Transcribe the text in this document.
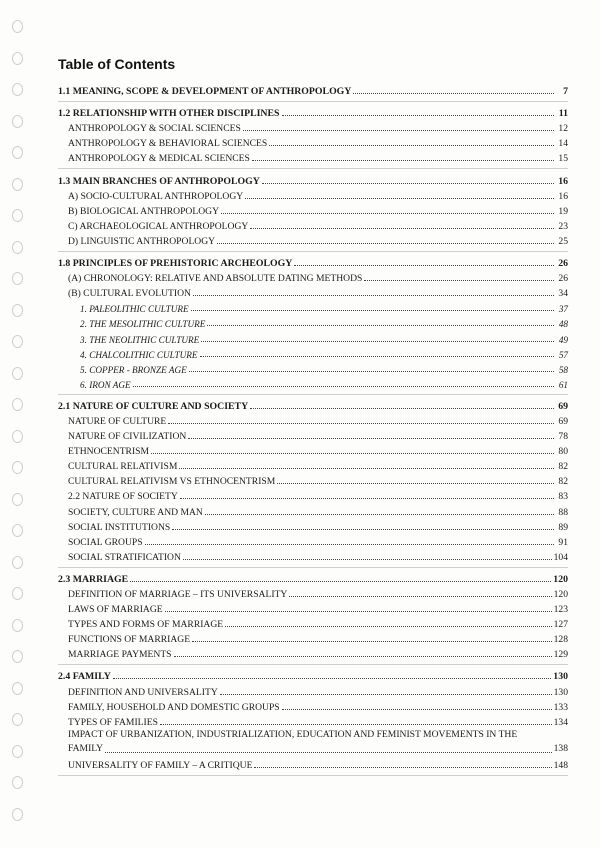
Table of Contents
1.1 MEANING, SCOPE & DEVELOPMENT OF ANTHROPOLOGY	7
1.2 RELATIONSHIP WITH OTHER DISCIPLINES	11
ANTHROPOLOGY & SOCIAL SCIENCES	12
ANTHROPOLOGY & BEHAVIORAL SCIENCES	14
ANTHROPOLOGY & MEDICAL SCIENCES	15
1.3 MAIN BRANCHES OF ANTHROPOLOGY	16
A) SOCIO-CULTURAL ANTHROPOLOGY	16
B) BIOLOGICAL ANTHROPOLOGY	19
C) ARCHAEOLOGICAL ANTHROPOLOGY	23
D) LINGUISTIC ANTHROPOLOGY	25
1.8 PRINCIPLES OF PREHISTORIC ARCHEOLOGY	26
(A) CHRONOLOGY: RELATIVE AND ABSOLUTE DATING METHODS	26
(B) CULTURAL EVOLUTION	34
1. PALEOLITHIC CULTURE	37
2. THE MESOLITHIC CULTURE	48
3. THE NEOLITHIC CULTURE	49
4. CHALCOLITHIC CULTURE	57
5. COPPER - BRONZE AGE	58
6. IRON AGE	61
2.1 NATURE OF CULTURE AND SOCIETY	69
NATURE OF CULTURE	69
NATURE OF CIVILIZATION	78
ETHNOCENTRISM	80
CULTURAL RELATIVISM	82
CULTURAL RELATIVISM VS ETHNOCENTRISM	82
2.2 NATURE OF SOCIETY	83
SOCIETY, CULTURE AND MAN	88
SOCIAL INSTITUTIONS	89
SOCIAL GROUPS	91
SOCIAL STRATIFICATION	104
2.3 MARRIAGE	120
DEFINITION OF MARRIAGE – ITS UNIVERSALITY	120
LAWS OF MARRIAGE	123
TYPES AND FORMS OF MARRIAGE	127
FUNCTIONS OF MARRIAGE	128
MARRIAGE PAYMENTS	129
2.4 FAMILY	130
DEFINITION AND UNIVERSALITY	130
FAMILY, HOUSEHOLD AND DOMESTIC GROUPS	133
TYPES OF FAMILIES	134
IMPACT OF URBANIZATION, INDUSTRIALIZATION, EDUCATION AND FEMINIST MOVEMENTS IN THE
FAMILY	138
UNIVERSALITY OF FAMILY – A CRITIQUE	148
